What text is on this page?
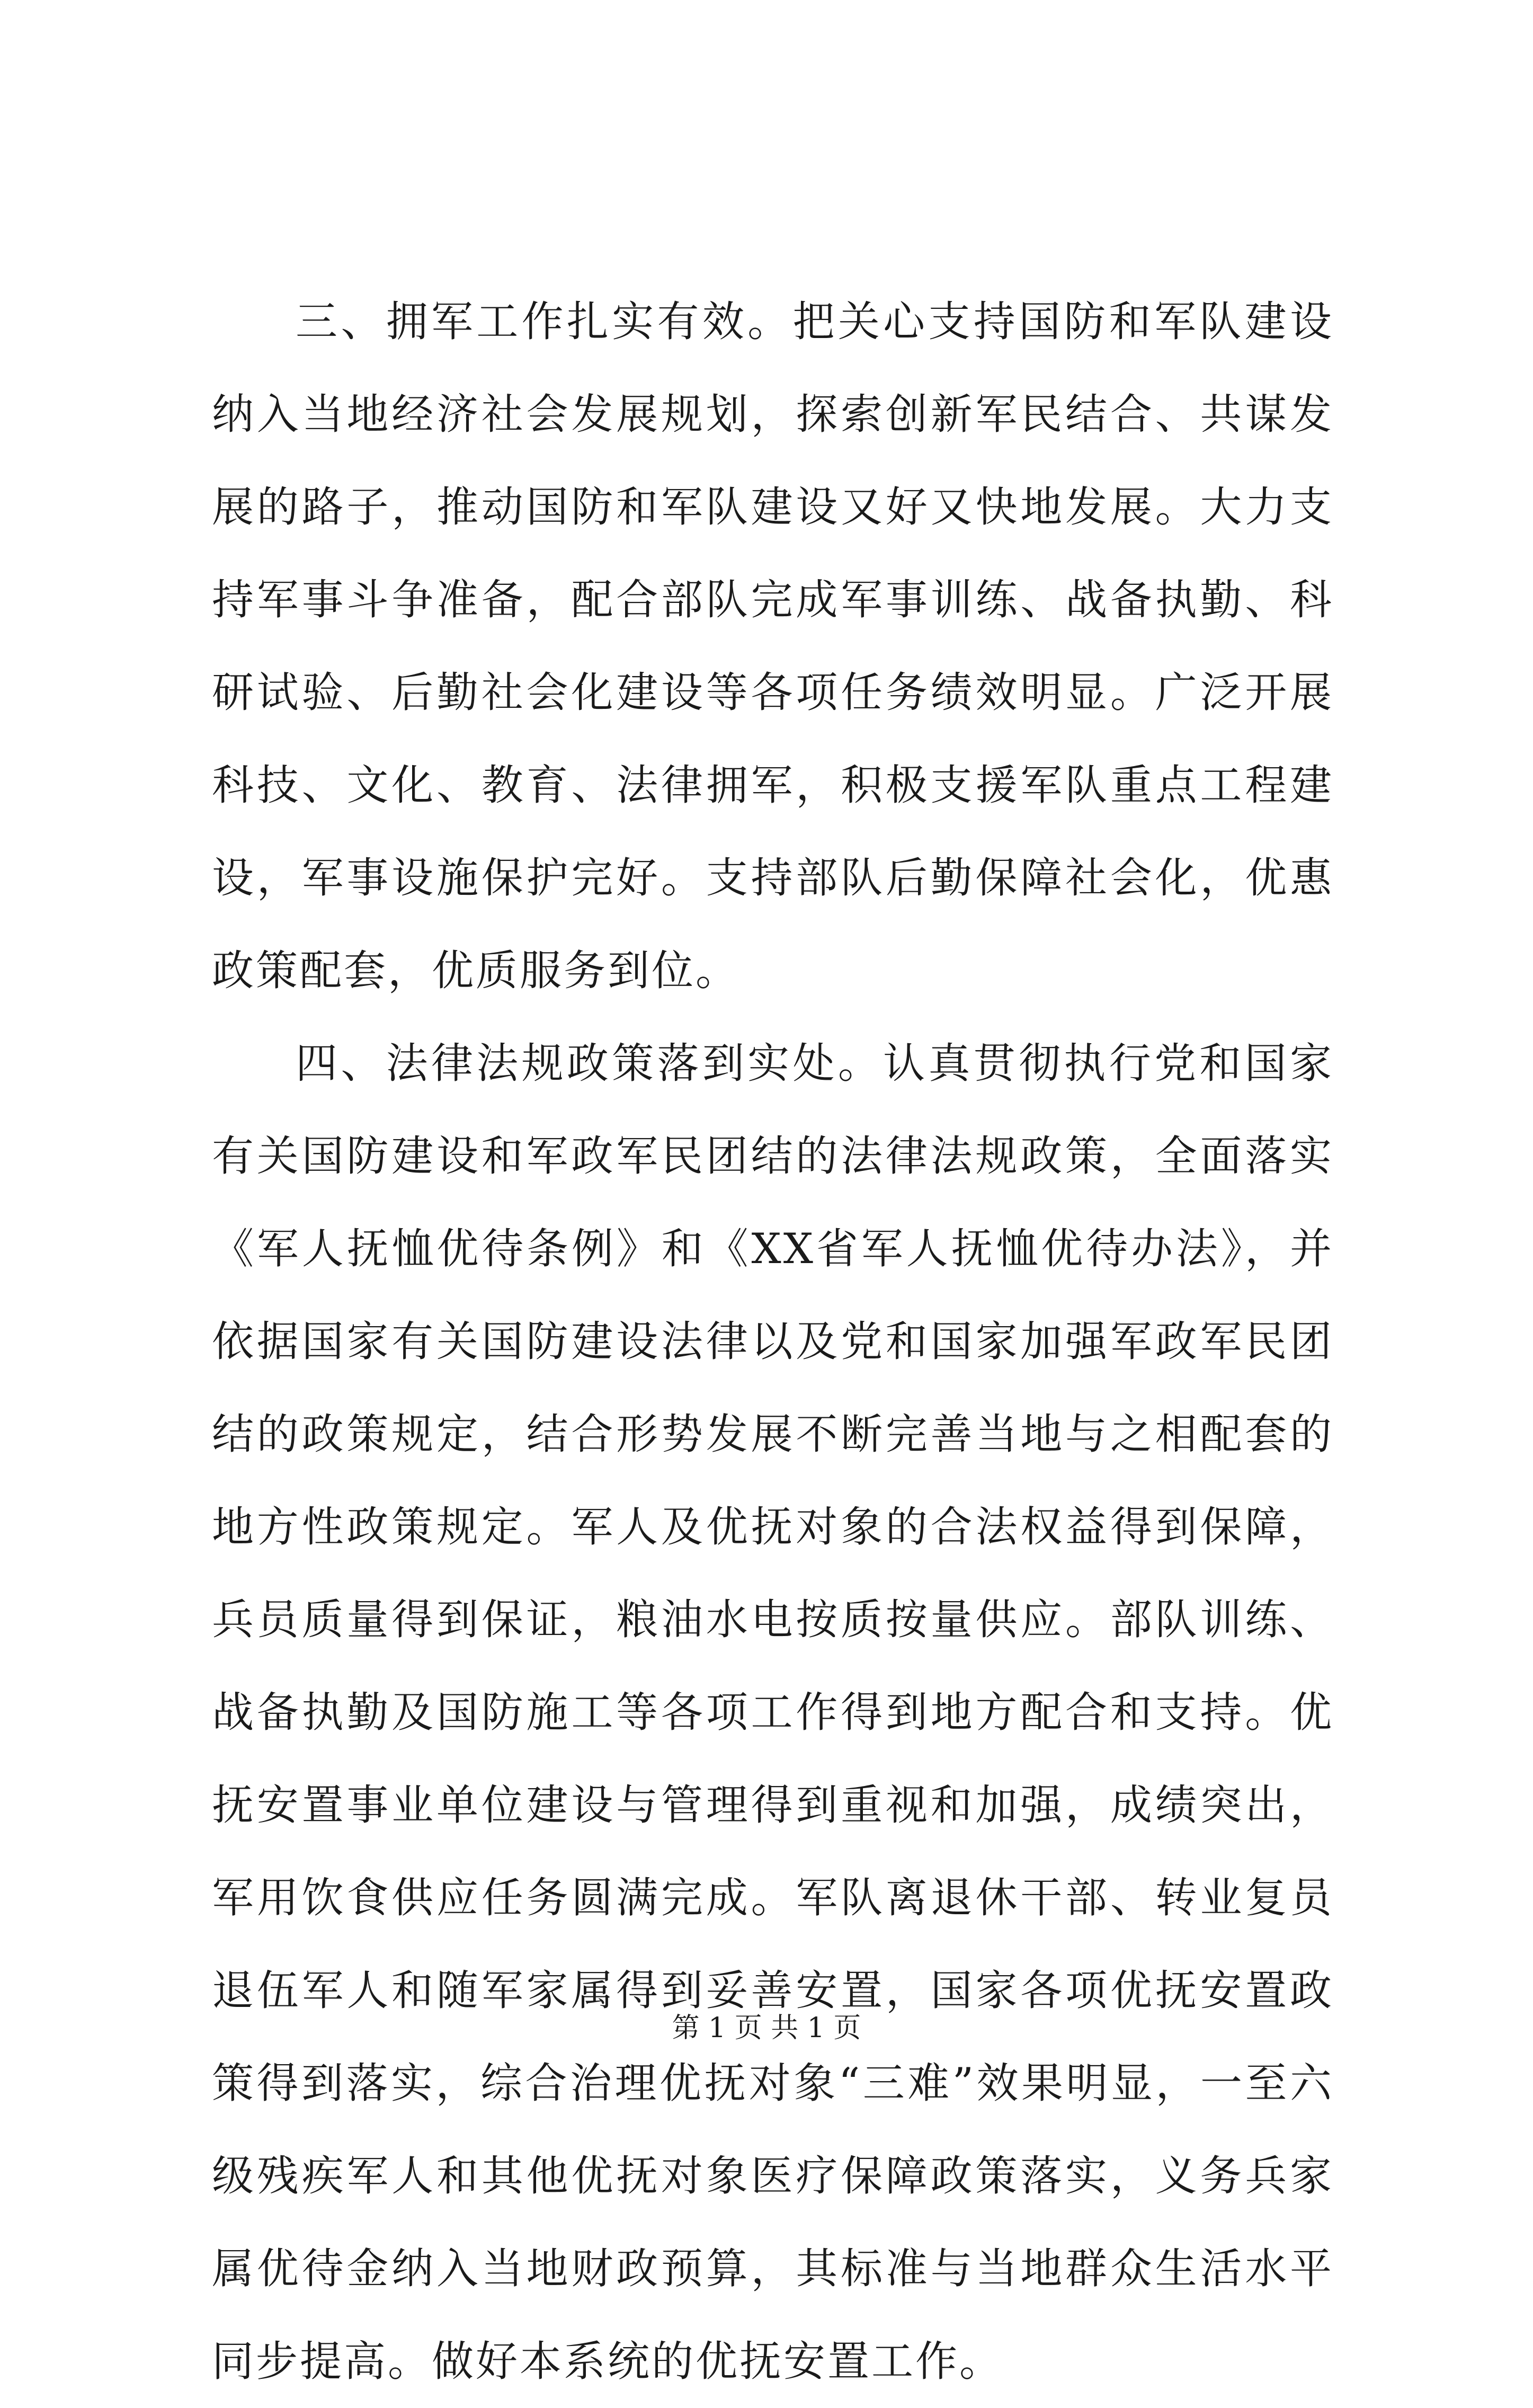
三、拥军工作扎实有效。把关心支持国防和军队建设纳入当地经济社会发展规划，探索创新军民结合、共谋发展的路子，推动国防和军队建设又好又快地发展。大力支持军事斗争准备，配合部队完成军事训练、战备执勤、科研试验、后勤社会化建设等各项任务绩效明显。广泛开展科技、文化、教育、法律拥军，积极支援军队重点工程建设，军事设施保护完好。支持部队后勤保障社会化，优惠政策配套，优质服务到位。

四、法律法规政策落到实处。认真贯彻执行党和国家有关国防建设和军政军民团结的法律法规政策，全面落实《军人抚恤优待条例》和《XX省军人抚恤优待办法》，并依据国家有关国防建设法律以及党和国家加强军政军民团结的政策规定，结合形势发展不断完善当地与之相配套的地方性政策规定。军人及优抚对象的合法权益得到保障，兵员质量得到保证，粮油水电按质按量供应。部队训练、战备执勤及国防施工等各项工作得到地方配合和支持。优抚安置事业单位建设与管理得到重视和加强，成绩突出，军用饮食供应任务圆满完成。军队离退休干部、转业复员退伍军人和随军家属得到妥善安置，国家各项优抚安置政策得到落实，综合治理优抚对象“三难”效果明显，一至六级残疾军人和其他优抚对象医疗保障政策落实，义务兵家属优待金纳入当地财政预算，其标准与当地群众生活水平同步提高。做好本系统的优抚安置工作。

第 1 页 共 1 页
